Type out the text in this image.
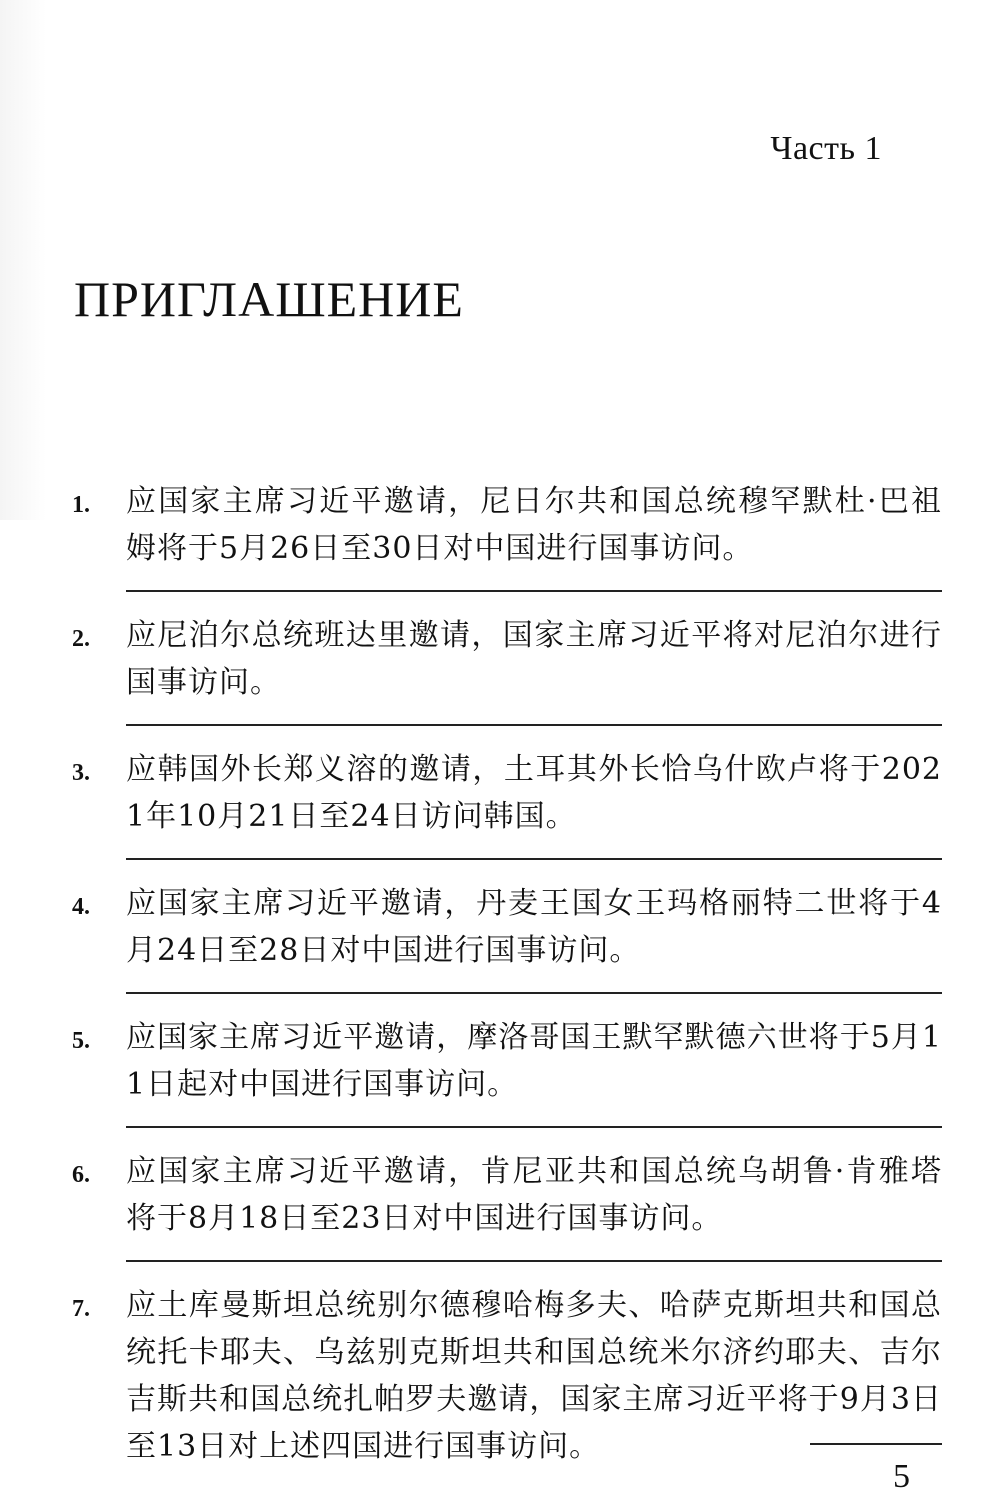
Часть 1
ПРИГЛАШЕНИЕ
1. 应国家主席习近平邀请，尼日尔共和国总统穆罕默杜·巴祖姆将于5月26日至30日对中国进行国事访问。
2. 应尼泊尔总统班达里邀请，国家主席习近平将对尼泊尔进行国事访问。
3. 应韩国外长郑义溶的邀请，土耳其外长恰乌什欧卢将于2021年10月21日至24日访问韩国。
4. 应国家主席习近平邀请，丹麦王国女王玛格丽特二世将于4月24日至28日对中国进行国事访问。
5. 应国家主席习近平邀请，摩洛哥国王默罕默德六世将于5月11日起对中国进行国事访问。
6. 应国家主席习近平邀请，肯尼亚共和国总统乌胡鲁·肯雅塔将于8月18日至23日对中国进行国事访问。
7. 应土库曼斯坦总统别尔德穆哈梅多夫、哈萨克斯坦共和国总统托卡耶夫、乌兹别克斯坦共和国总统米尔济约耶夫、吉尔吉斯共和国总统扎帕罗夫邀请，国家主席习近平将于9月3日至13日对上述四国进行国事访问。
5
